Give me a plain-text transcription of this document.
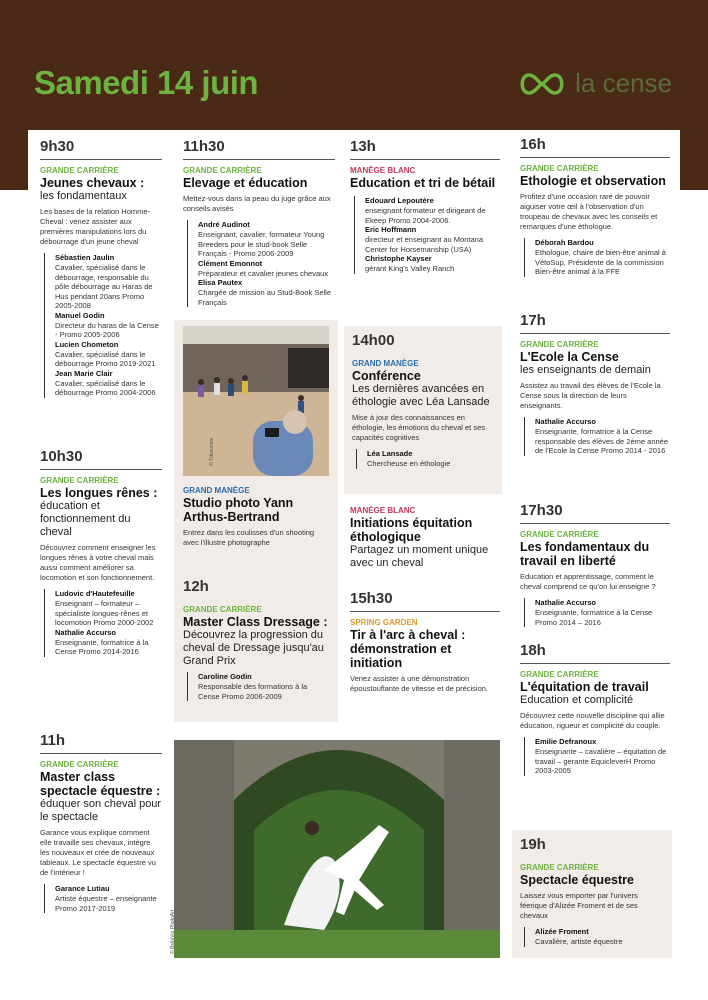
Samedi 14 juin	la cense
9h30
GRANDE CARRIÈRE
Jeunes chevaux :
les fondamentaux
Les bases de la relation Homme-Cheval : venez assister aux premières manipulations lors du débourrage d'un jeune cheval
Sébastien Jaulin
Cavalier, spécialisé dans le débourrage, responsable du pôle débourrage au Haras de Hus pendant 20ans Promo 2005-2008
Manuel Godin
Directeur du haras de la Cense - Promo 2005-2006
Lucien Chometon
Cavalier, spécialisé dans le débourrage Promo 2019-2021
Jean Marie Clair
Cavalier, spécialisé dans le débourrage Promo 2004-2006
10h30
GRANDE CARRIÈRE
Les longues rênes :
éducation et fonctionnement du cheval
Découvrez comment enseigner les longues rênes à votre cheval mais aussi comment améliorer sa locomotion et son fonctionnement.
Ludovic d'Hautefeuille
Enseignant – formateur – spécialiste longues-rênes et locomotion Promo 2000-2002
Nathalie Accurso
Enseignante, formatrice à la Cense Promo 2014-2016
11h
GRANDE CARRIÈRE
Master class spectacle équestre :
éduquer son cheval pour le spectacle
Garance vous explique comment elle travaille ses chevaux, intègre les nouveaux et crée de nouveaux tableaux. Le spectacle équestre vu de l'intérieur !
Garance Lutiau
Artiste équestre – enseignante Promo 2017-2019
11h30
GRANDE CARRIÈRE
Elevage et éducation
Mettez-vous dans la peau du juge grâce aux conseils avisés
André Audinot
Enseignant, cavalier, formateur Young Breeders pour le stud-book Selle Français - Promo 2006-2009
Clément Emonnot
Préparateur et cavalier jeunes chevaux
Elisa Pautex
Chargée de mission au Stud-Book Selle Français
© Tdeauvais
GRAND MANÈGE
Studio photo Yann Arthus-Bertrand
Entrez dans les coulisses d'un shooting avec l'illustre photographe
12h
GRANDE CARRIÈRE
Master Class Dressage :
Découvrez la progression du cheval de Dressage jusqu'au Grand Prix
Caroline Godin
Responsable des formations à la Cense Promo 2006-2009
13h
MANÈGE BLANC
Education et tri de bétail
Edouard Lepoutère
enseignant formateur et dirigeant de Ekeep Promo 2004-2006.
Eric Hoffmann
directeur et enseignant au Montana Center for Horsemanship (USA)
Christophe Kayser
gérant King's Valley Ranch
14h00
GRAND MANÈGE
Conférence
Les dernières avancées en éthologie avec Léa Lansade
Mise à jour des connaissances en éthologie, les émotions du cheval et ses capacités cognitives
Léa Lansade
Chercheuse en éthologie
MANÈGE BLANC
Initiations équitation éthologique
Partagez un moment unique avec un cheval
15h30
SPRING GARDEN
Tir à l'arc à cheval : démonstration et initiation
Venez assister à une démonstration époustouflante de vitesse et de précision.
© BellaVie PhotoArt
16h
GRANDE CARRIÈRE
Ethologie et observation
Profitez d'une occasion rare de pouvoir aiguiser votre œil à l'observation d'un troupeau de chevaux avec les conseils et remarques d'une éthologue.
Déborah Bardou
Ethologue, chaire de bien-être animal à VétoSup, Présidente de la commission Bien-être animal à la FFE
17h
GRANDE CARRIÈRE
L'Ecole la Cense
les enseignants de demain
Assistez au travail des élèves de l'Ecole la Cense sous la direction de leurs enseignants.
Nathalie Accurso
Enseignante, formatrice à la Cense responsable des élèves de 2ème année de l'Ecole la Cense Promo 2014 - 2016
17h30
GRANDE CARRIÈRE
Les fondamentaux du travail en liberté
Education et apprentissage, comment le cheval comprend ce qu'on lui enseigne ?
Nathalie Accurso
Enseignante, formatrice à la Cense Promo 2014 – 2016
18h
GRANDE CARRIÈRE
L'équitation de travail
Education et complicité
Découvrez cette nouvelle discipline qui allie éducation, rigueur et complicité du couple.
Emilie Defranoux
Enseignante – cavalière – équitation de travail – gerante EquicleverH Promo 2003-2005
19h
GRANDE CARRIÈRE
Spectacle équestre
Laissez vous emporter par l'univers féerique d'Alizée Froment et de ses chevaux
Alizée Froment
Cavalière, artiste équestre
